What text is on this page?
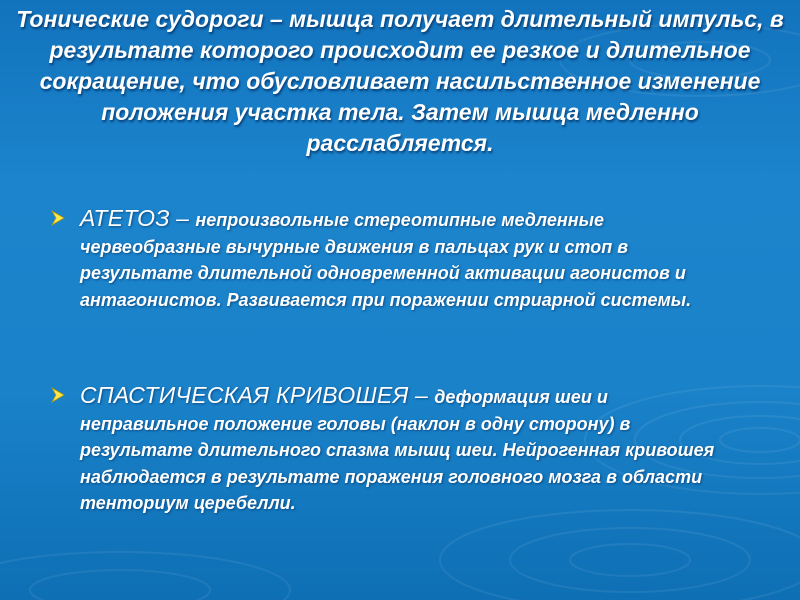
Тонические судороги – мышца получает длительный импульс, в результате которого происходит ее резкое и длительное сокращение, что обусловливает насильственное изменение положения участка тела. Затем мышца медленно расслабляется.
АТЕТОЗ – непроизвольные стереотипные медленные червеобразные вычурные движения в пальцах рук и стоп в результате длительной одновременной активации агонистов и антагонистов. Развивается при поражении стриарной системы.
СПАСТИЧЕСКАЯ КРИВОШЕЯ – деформация шеи и неправильное положение головы (наклон в одну сторону) в результате длительного спазма мышц шеи. Нейрогенная кривошея наблюдается в результате поражения головного мозга в области тенториум церебелли.
